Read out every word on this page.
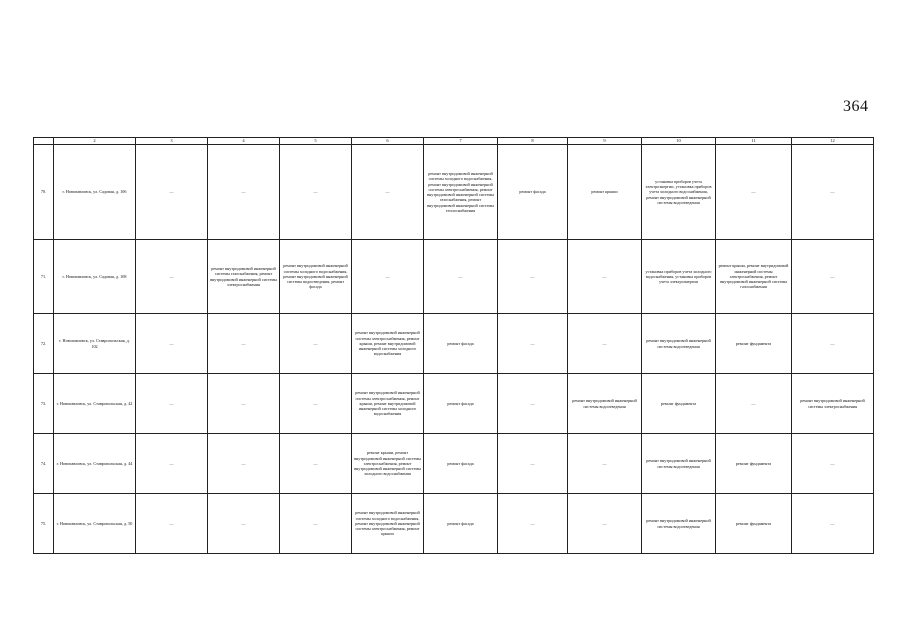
364
	2	3	4	5	6	7	8	9	10	11	12
70.	г. Новопавловск, ул. Садовая, д. 106	—	—	—	—	ремонт внутридомовой инженерной системы холодного водоснабжения, ремонт внутридомовой инженерной системы электроснабжения, ремонт внутридомовой инженерной системы газоснабжения, ремонт внутридомовой инженерной системы теплоснабжения	ремонт фасада	ремонт крыши	установка приборов учета электроэнергии, установка приборов учета холодного водоснабжения, ремонт внутридомовой инженерной системы водоотведения	—	—
71.	г. Новопавловск, ул. Садовая, д. 108	—	ремонт внутридомовой инженерной системы газоснабжения, ремонт внутридомовой инженерной системы электроснабжения	ремонт внутридомовой инженерной системы холодного водоснабжения, ремонт внутридомовой инженерной системы водоотведения, ремонт фасада	—	—	—	—	установка приборов учета холодного водоснабжения, установка приборов учета электроэнергии	ремонт крыши, ремонт внутридомовой инженерной системы электроснабжения, ремонт внутридомовой инженерной системы газоснабжения	—
72.	г. Новопавловск, ул. Ставропольская, д. 102	—	—	—	ремонт внутридомовой инженерной системы электроснабжения, ремонт крыши, ремонт внутридомовой инженерной системы холодного водоснабжения	ремонт фасада	—	—	ремонт внутридомовой инженерной системы водоотведения	ремонт фундамента	—
73.	г. Новопавловск, ул. Ставропольская, д. 42	—	—	—	ремонт внутридомовой инженерной системы электроснабжения, ремонт крыши, ремонт внутридомовой инженерной системы холодного водоснабжения	ремонт фасада	—	ремонт внутридомовой инженерной системы водоотведения	ремонт фундамента	—	ремонт внутридомовой инженерной системы электроснабжения
74.	г. Новопавловск, ул. Ставропольская, д. 44	—	—	—	ремонт крыши, ремонт внутридомовой инженерной системы электроснабжения, ремонт внутридомовой инженерной системы холодного водоснабжения	ремонт фасада	—	—	ремонт внутридомовой инженерной системы водоотведения	ремонт фундамента	—
75.	г. Новопавловск, ул. Ставропольская, д. 50	—	—	—	ремонт внутридомовой инженерной системы холодного водоснабжения, ремонт внутридомовой инженерной системы электроснабжения, ремонт крыши	ремонт фасада	—	—	ремонт внутридомовой инженерной системы водоотведения	ремонт фундамента	—
